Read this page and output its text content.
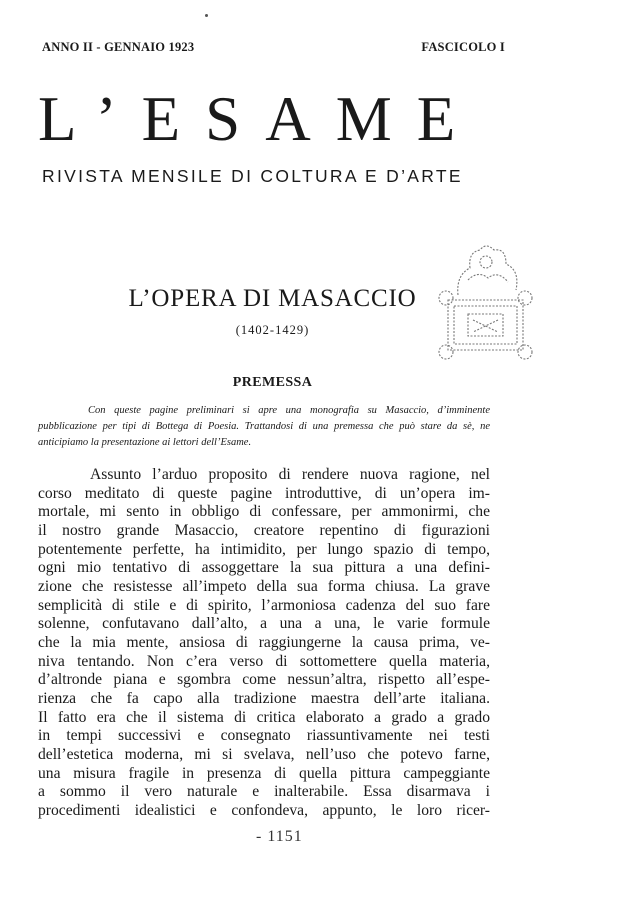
ANNO II - GENNAIO 1923	FASCICOLO I
L’ESAME
RIVISTA MENSILE DI COLTURA E D’ARTE
L’OPERA DI MASACCIO
(1402-1429)
PREMESSA

Con queste pagine preliminari si apre una monografia su Masaccio, d’imminente pubblicazione per tipi di Bottega di Poesia. Trattandosi di una premessa che può stare da sè, ne anticipiamo la presentazione ai lettori dell’Esame.

Assunto l’arduo proposito di rendere nuova ragione, nel
corso meditato di queste pagine introduttive, di un’opera im-
mortale, mi sento in obbligo di confessare, per ammonirmi, che
il nostro grande Masaccio, creatore repentino di figurazioni
potentemente perfette, ha intimidito, per lungo spazio di tempo,
ogni mio tentativo di assoggettare la sua pittura a una defini-
zione che resistesse all’impeto della sua forma chiusa. La grave
semplicità di stile e di spirito, l’armoniosa cadenza del suo fare
solenne, confutavano dall’alto, a una a una, le varie formule
che la mia mente, ansiosa di raggiungerne la causa prima, ve-
niva tentando. Non c’era verso di sottomettere quella materia,
d’altronde piana e sgombra come nessun’altra, rispetto all’espe-
rienza che fa capo alla tradizione maestra dell’arte italiana.
Il fatto era che il sistema di critica elaborato a grado a grado
in tempi successivi e consegnato riassuntivamente nei testi
dell’estetica moderna, mi si svelava, nell’uso che potevo farne,
una misura fragile in presenza di quella pittura campeggiante
a sommo il vero naturale e inalterabile. Essa disarmava i
procedimenti idealistici e confondeva, appunto, le loro ricer-
- 1151
